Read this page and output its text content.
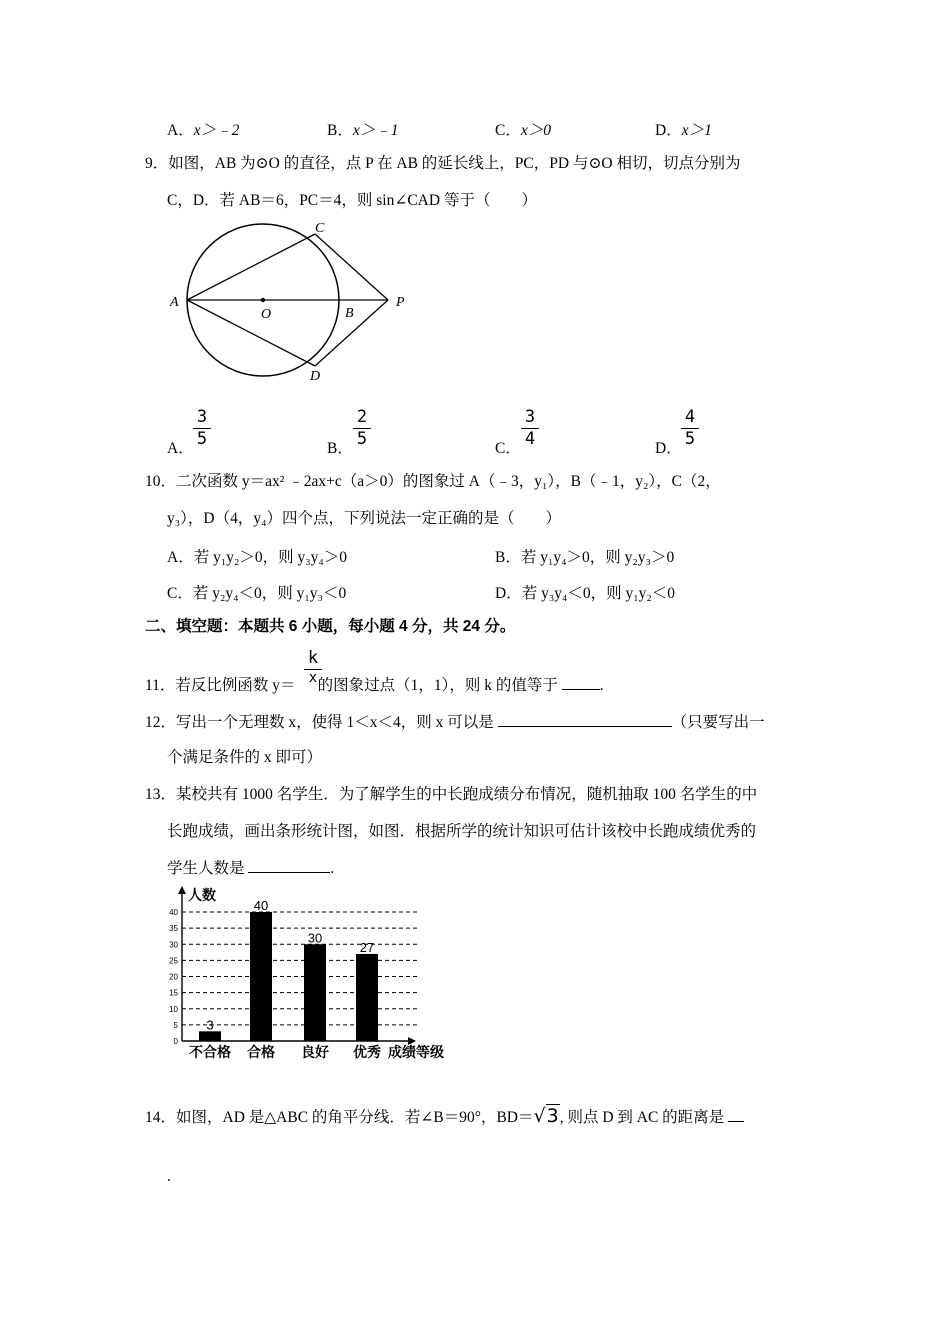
A．x＞﹣2	B．x＞﹣1	C．x＞0	D．x＞1
9．如图，AB 为⊙O 的直径，点 P 在 AB 的延长线上，PC，PD 与⊙O 相切，切点分别为
C，D．若 AB＝6，PC＝4，则 sin∠CAD 等于（　　）
A
O	B
P
C
D
A．
3
5	B．
2
5	C．
3
4	D．
4
5
10．二次函数 y＝ax² ﹣2ax+c（a＞0）的图象过 A（﹣3，y₁），B（﹣1，y₂），C（2，
y₃），D（4，y₄）四个点，下列说法一定正确的是（　　）
A．若 y₁y₂＞0，则 y₃y₄＞0	B．若 y₁y₄＞0，则 y₂y₃＞0
C．若 y₂y₄＜0，则 y₁y₃＜0	D．若 y₃y₄＜0，则 y₁y₂＜0
二、填空题：本题共 6 小题，每小题 4 分，共 24 分。
11．若反比例函数 y＝ 的图象过点（1，1），则 k 的值等于	.
k
x
12．写出一个无理数 x，使得 1＜x＜4，则 x 可以是	（只要写出一
个满足条件的 x 即可）
13．某校共有 1000 名学生．为了解学生的中长跑成绩分布情况，随机抽取 100 名学生的中
长跑成绩，画出条形统计图，如图．根据所学的统计知识可估计该校中长跑成绩优秀的
学生人数是	.
0
5
10
15
20
25
30
35
40
人数
成绩等级
3
不合格
40
合格
30
良好
27
优秀
14．如图，AD 是△ABC 的角平分线．若∠B＝90°，BD＝√3, 则点 D 到 AC 的距离是
.
